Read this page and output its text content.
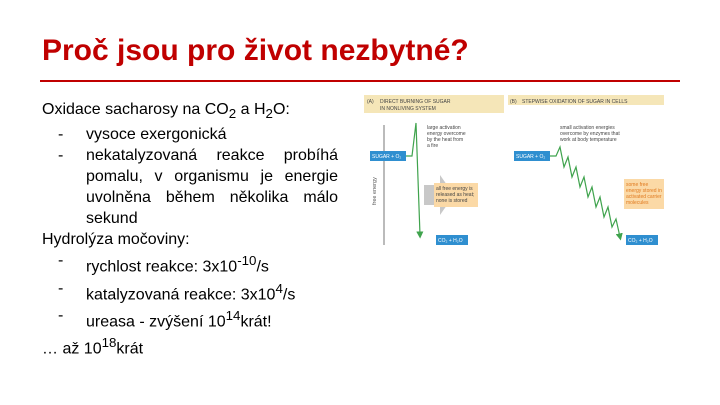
Proč jsou pro život nezbytné?
Oxidace sacharosy na $CO_2$ a $H_2O$:
- vysoce exergonická
- nekatalyzovaná reakce probíhá
pomalu, v organismu je energie
uvolněna během několika málo
sekund
Hydrolýza močoviny:
- rychlost reakce: $3x10^{-10}/s$
- katalyzovaná reakce: $3x10^4/s$
- ureasa - zvýšení $10^{14}krát$!
… až $10^{18}krát$
(A) DIRECT BURNING OF SUGAR
IN NONLIVING SYSTEM
free energy
large activation
energy overcome
by the heat from
a fire
SUGAR + O₂
all free energy is
released as heat;
none is stored
CO₂ + H₂O
(B) STEPWISE OXIDATION OF SUGAR IN CELLS
small activation energies
overcome by enzymes that
work at body temperature
SUGAR + O₂
some free
energy stored in
activated carrier
molecules
CO₂ + H₂O
